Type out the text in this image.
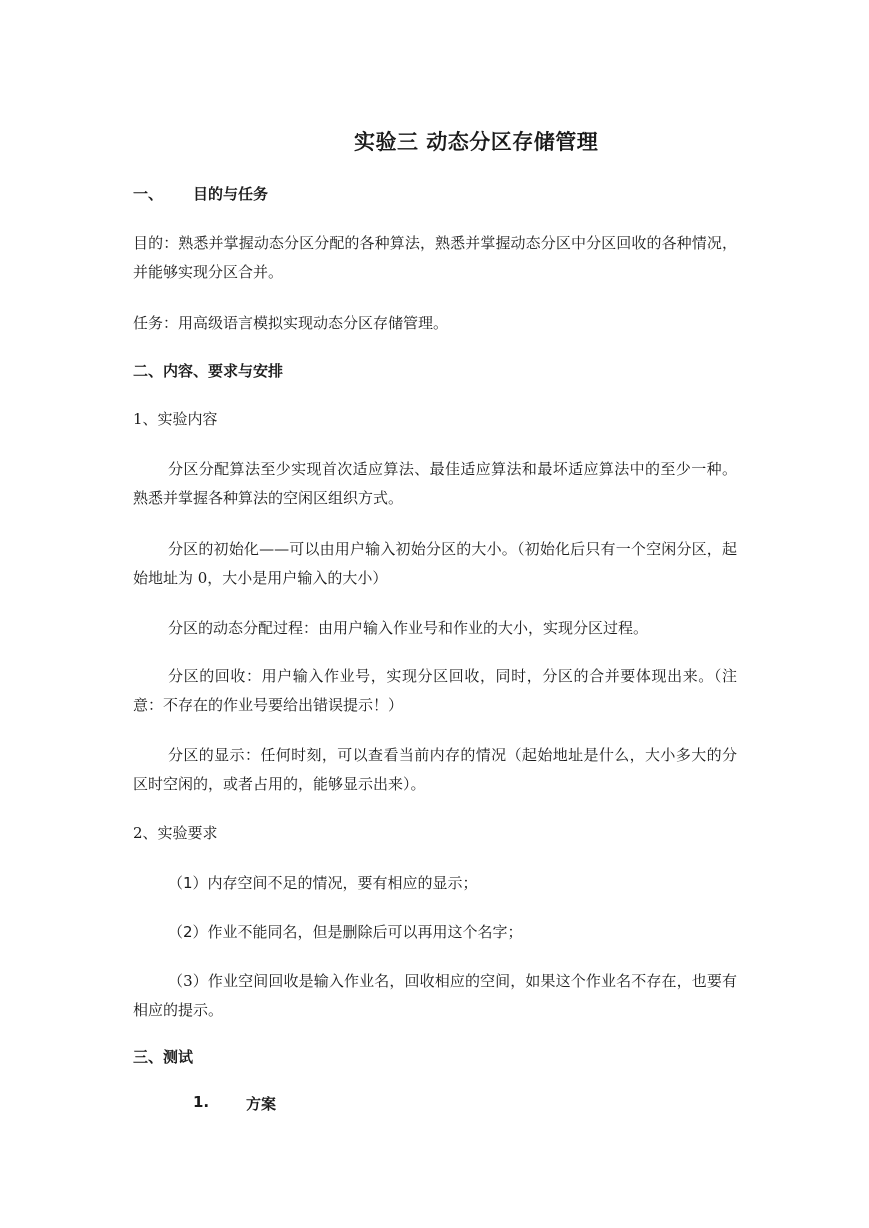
实验三 动态分区存储管理
一、 目的与任务
目的：熟悉并掌握动态分区分配的各种算法，熟悉并掌握动态分区中分区回收的各种情况，并能够实现分区合并。
任务：用高级语言模拟实现动态分区存储管理。
二、内容、要求与安排
1、实验内容
分区分配算法至少实现首次适应算法、最佳适应算法和最坏适应算法中的至少一种。熟悉并掌握各种算法的空闲区组织方式。
分区的初始化——可以由用户输入初始分区的大小。（初始化后只有一个空闲分区，起始地址为 0，大小是用户输入的大小）
分区的动态分配过程：由用户输入作业号和作业的大小，实现分区过程。
分区的回收：用户输入作业号，实现分区回收，同时，分区的合并要体现出来。（注意：不存在的作业号要给出错误提示！）
分区的显示：任何时刻，可以查看当前内存的情况（起始地址是什么，大小多大的分区时空闲的，或者占用的，能够显示出来）。
2、实验要求
（1）内存空间不足的情况，要有相应的显示；
（2）作业不能同名，但是删除后可以再用这个名字；
（3）作业空间回收是输入作业名，回收相应的空间，如果这个作业名不存在，也要有相应的提示。
三、测试
1. 方案
